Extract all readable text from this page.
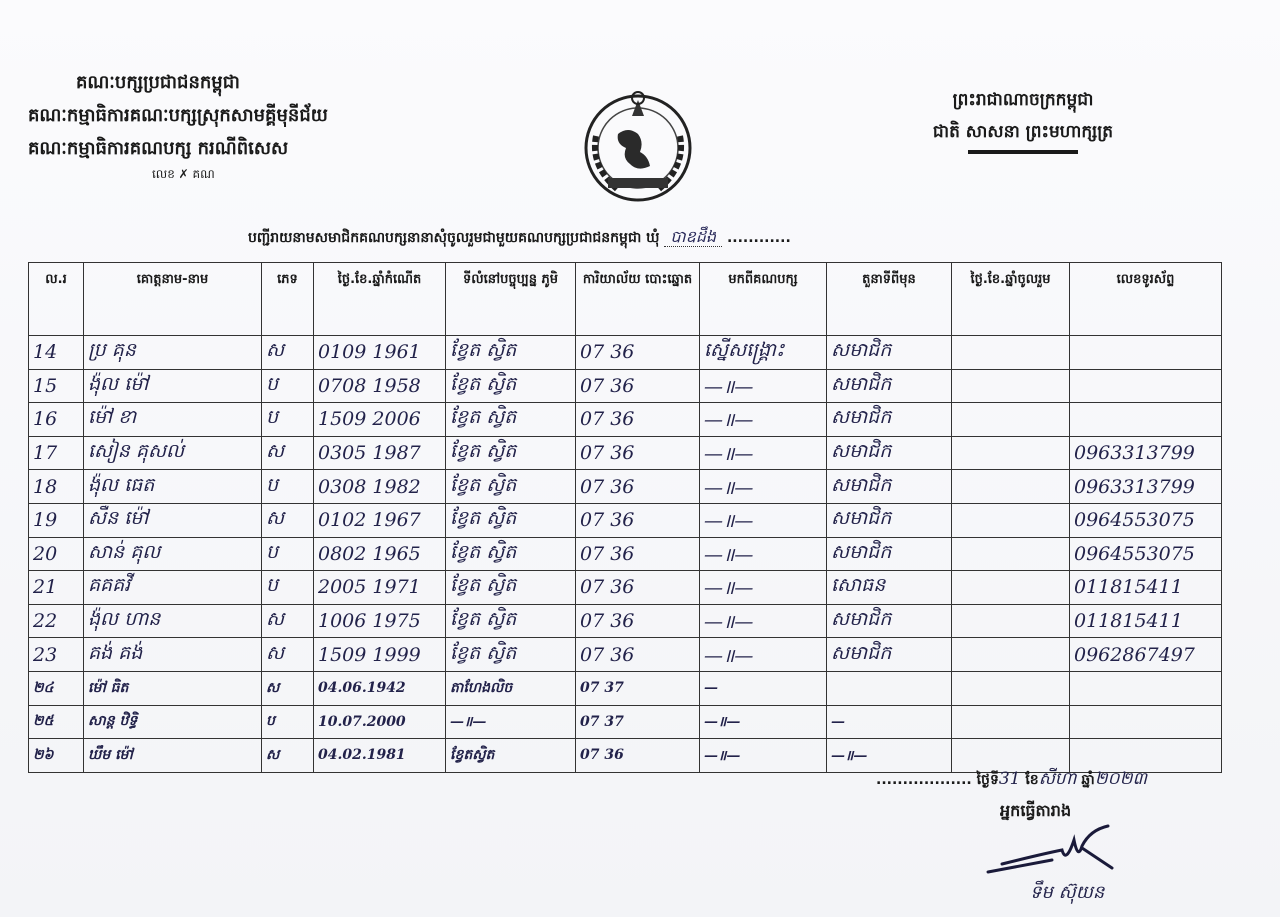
គណៈបក្សប្រជាជនកម្ពុជា
គណៈកម្មាធិការគណៈបក្សស្រុកសាមគ្គីមុនីជ័យ
គណៈកម្មាធិការគណបក្ស ករណីពិសេស
លេខ ✗ គណ
ព្រះរាជាណាចក្រកម្ពុជា
ជាតិ សាសនា ព្រះមហាក្សត្រ
បញ្ជីរាយនាមសមាជិកគណបក្សនានាសុំចូលរួមជាមួយគណបក្សប្រជាជនកម្ពុជា ឃុំ បាឧដឹង ............
ល.រ	គោត្តនាម-នាម	ភេទ	ថ្ងៃ.ខែ.ឆ្នាំកំណើត	ទីលំនៅបច្ចុប្បន្ន ភូមិ	ការិយាល័យ បោះឆ្នោត	មកពីគណបក្ស	តួនាទីពីមុន	ថ្ងៃ.ខែ.ឆ្នាំចូលរួម	លេខទូរស័ព្ទ
14	ប្រ គុន	ស	0109 1961	ខ្វែត ស្វិត	07 36	ស្នើសង្គ្រោះ	សមាជិក		
15	ង៉ុល ម៉ៅ	ប	0708 1958	ខ្វែត ស្វិត	07 36	—॥—	សមាជិក		
16	ម៉ៅ ខា	ប	1509 2006	ខ្វែត ស្វិត	07 36	—॥—	សមាជិក		
17	សៀន គុសល់	ស	0305 1987	ខ្វែត ស្វិត	07 36	—॥—	សមាជិក		0963313799
18	ង៉ុល ធេត	ប	0308 1982	ខ្វែត ស្វិត	07 36	—॥—	សមាជិក		0963313799
19	សឺន ម៉ៅ	ស	0102 1967	ខ្វែត ស្វិត	07 36	—॥—	សមាជិក		0964553075
20	សាន់ គុល	ប	0802 1965	ខ្វែត ស្វិត	07 36	—॥—	សមាជិក		0964553075
21	គគគវី	ប	2005 1971	ខ្វែត ស្វិត	07 36	—॥—	សោធន		011815411
22	ង៉ុល ហាន	ស	1006 1975	ខ្វែត ស្វិត	07 36	—॥—	សមាជិក		011815411
23	គង់ គង់	ស	1509 1999	ខ្វែត ស្វិត	07 36	—॥—	សមាជិក		0962867497
២៤	ម៉ៅ ធិត	ស	04.06.1942	តាហែងលិច	07 37	—			
២៥	សាន្ត ឋិទ្ធិ	ប	10.07.2000	—॥—	07 37	—॥—	—		
២៦	ឃឹម ម៉ៅ	ស	04.02.1981	ខ្វែតស្វិត	07 36	—॥—	—॥—		
.................. ថ្ងៃទី31 ខែសីហា ឆ្នាំ២០២៣
អ្នកធ្វើតារាង
ទឹម ស៊ុយន
